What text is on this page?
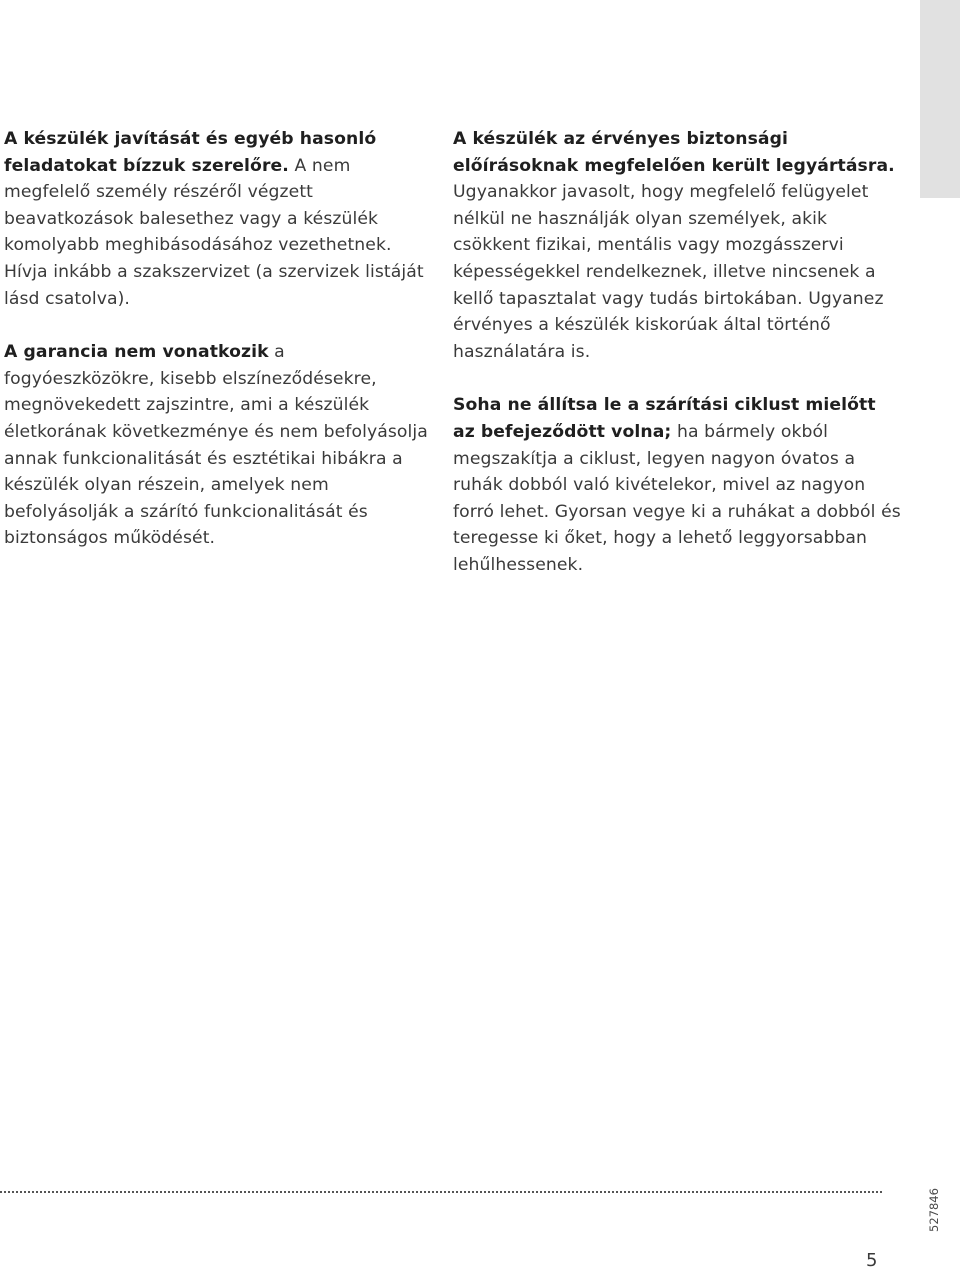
A készülék javítását és egyéb hasonló feladatokat bízzuk szerelőre. A nem megfelelő személy részéről végzett beavatkozások balesethez vagy a készülék komolyabb meghibásodásához vezethetnek. Hívja inkább a szakszervizet (a szervizek listáját lásd csatolva).

A garancia nem vonatkozik a fogyóeszközökre, kisebb elszíneződésekre, megnövekedett zajszintre, ami a készülék életkorának következménye és nem befolyásolja annak funkcionalitását és esztétikai hibákra a készülék olyan részein, amelyek nem befolyásolják a szárító funkcionalitását és biztonságos működését.

A készülék az érvényes biztonsági előírásoknak megfelelően került legyártásra. Ugyanakkor javasolt, hogy megfelelő felügyelet nélkül ne használják olyan személyek, akik csökkent fizikai, mentális vagy mozgásszervi képességekkel rendelkeznek, illetve nincsenek a kellő tapasztalat vagy tudás birtokában. Ugyanez érvényes a készülék kiskorúak által történő használatára is.

Soha ne állítsa le a szárítási ciklust mielőtt az befejeződött volna; ha bármely okból megszakítja a ciklust, legyen nagyon óvatos a ruhák dobból való kivételekor, mivel az nagyon forró lehet. Gyorsan vegye ki a ruhákat a dobból és teregesse ki őket, hogy a lehető leggyorsabban lehűlhessenek.

5
527846
